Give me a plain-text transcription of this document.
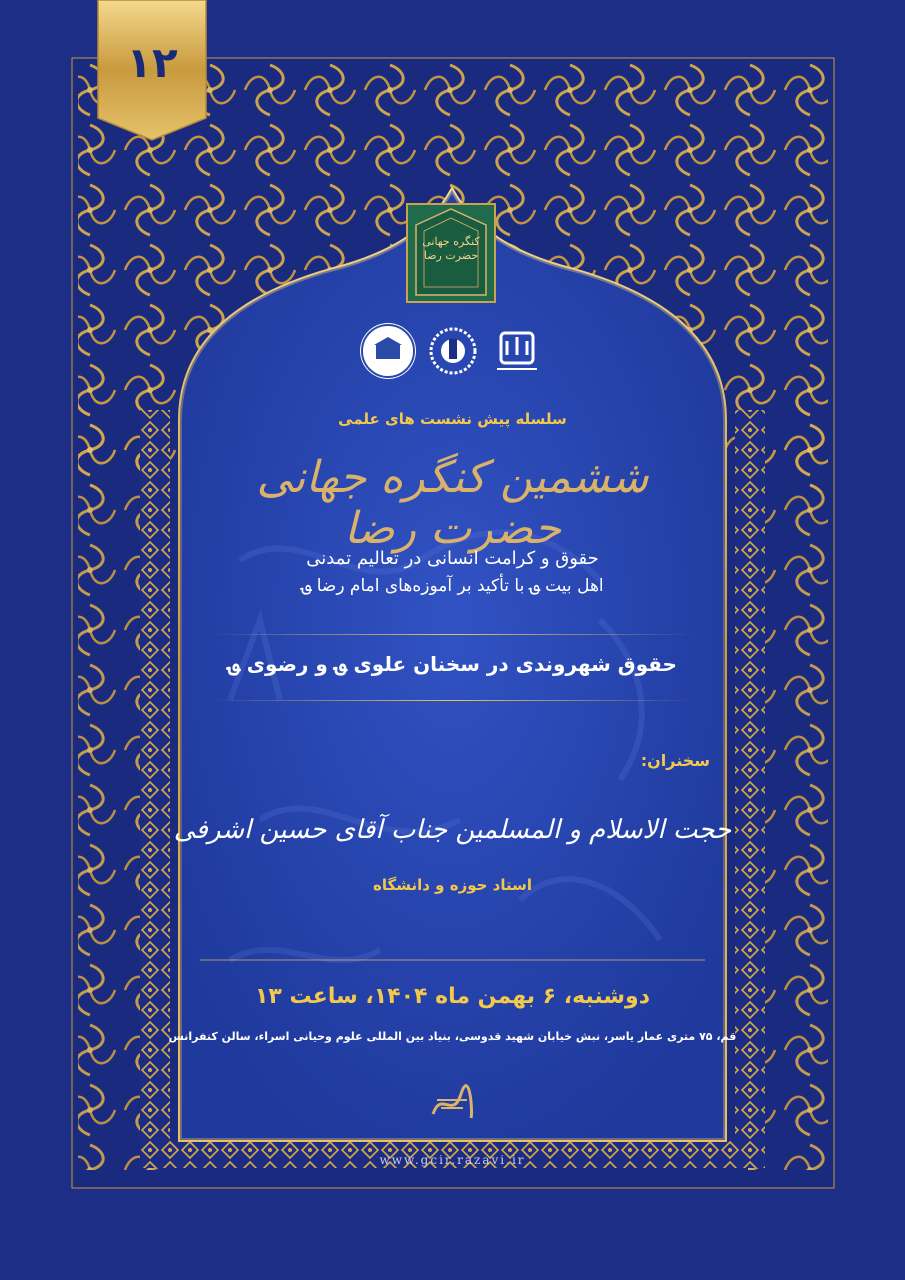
۱۲
کنگره جهانی حضرت رضا
سلسله پیش نشست های علمی
ششمین کنگره جهانی حضرت رضا
حقوق و کرامت انسانی در تعالیم تمدنی
اهل بیت ؈ با تأکید بر آموزه‌های امام رضا ؈
حقوق شهروندی در سخنان علوی ؈ و رضوی ؈
سخنران:
حجت الاسلام و المسلمین جناب آقای حسین اشرفی
استاد حوزه و دانشگاه
دوشنبه، ۶ بهمن ماه ۱۴۰۴، ساعت ۱۳
قم، ۷۵ متری عمار یاسر، نبش خیابان شهید قدوسی، بنیاد بین المللی علوم وحیانی اسراء، سالن کنفرانس
www.gcir.razavi.ir
